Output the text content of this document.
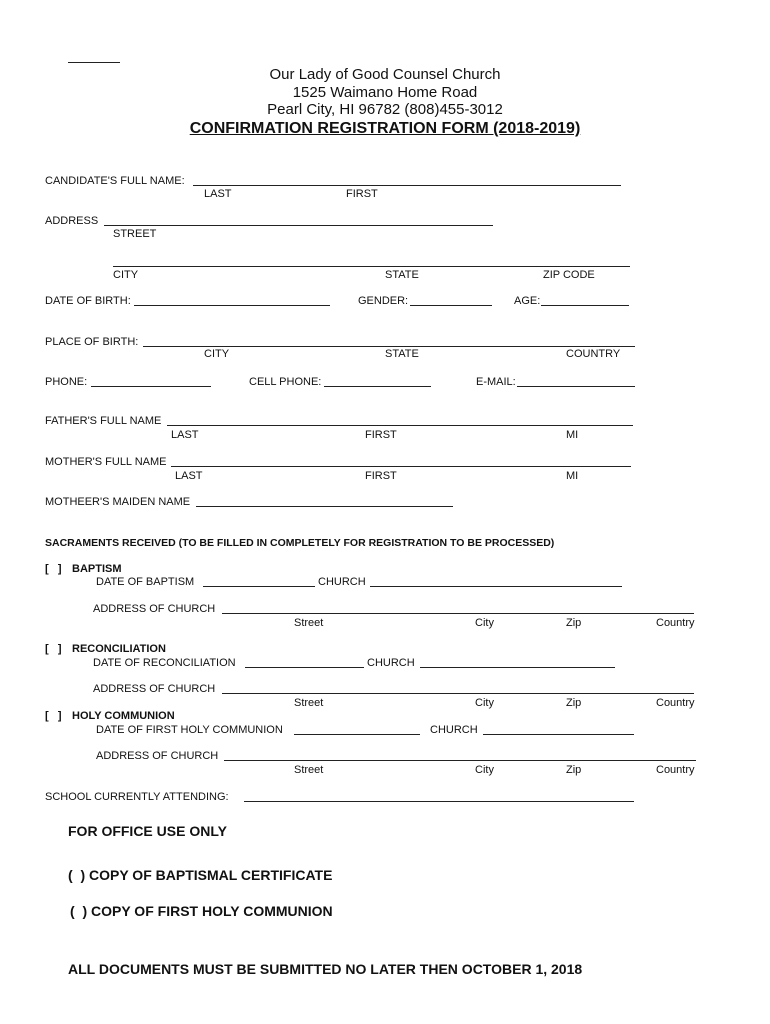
Our Lady of Good Counsel Church
1525 Waimano Home Road
Pearl City, HI 96782 (808)455-3012
CONFIRMATION REGISTRATION FORM (2018-2019)
CANDIDATE'S FULL NAME:
LAST	FIRST
ADDRESS
STREET
CITY	STATE	ZIP CODE
DATE OF BIRTH:	GENDER:	AGE:
PLACE OF BIRTH:
CITY	STATE	COUNTRY
PHONE:	CELL PHONE:	E-MAIL:
FATHER'S FULL NAME
LAST	FIRST	MI
MOTHER'S FULL NAME
LAST	FIRST	MI
MOTHEER'S MAIDEN NAME
SACRAMENTS RECEIVED (TO BE FILLED IN COMPLETELY FOR REGISTRATION TO BE PROCESSED)
[   ] BAPTISM
DATE OF BAPTISM	CHURCH
ADDRESS OF CHURCH
Street	City	Zip	Country
[   ] RECONCILIATION
DATE OF RECONCILIATION	CHURCH
ADDRESS OF CHURCH
Street	City	Zip	Country
[   ] HOLY COMMUNION
DATE OF FIRST HOLY COMMUNION	CHURCH
ADDRESS OF CHURCH
Street	City	Zip	Country
SCHOOL CURRENTLY ATTENDING:
FOR OFFICE USE ONLY
(  ) COPY OF BAPTISMAL CERTIFICATE
(  ) COPY OF FIRST HOLY COMMUNION
ALL DOCUMENTS MUST BE SUBMITTED NO LATER THEN OCTOBER 1, 2018
